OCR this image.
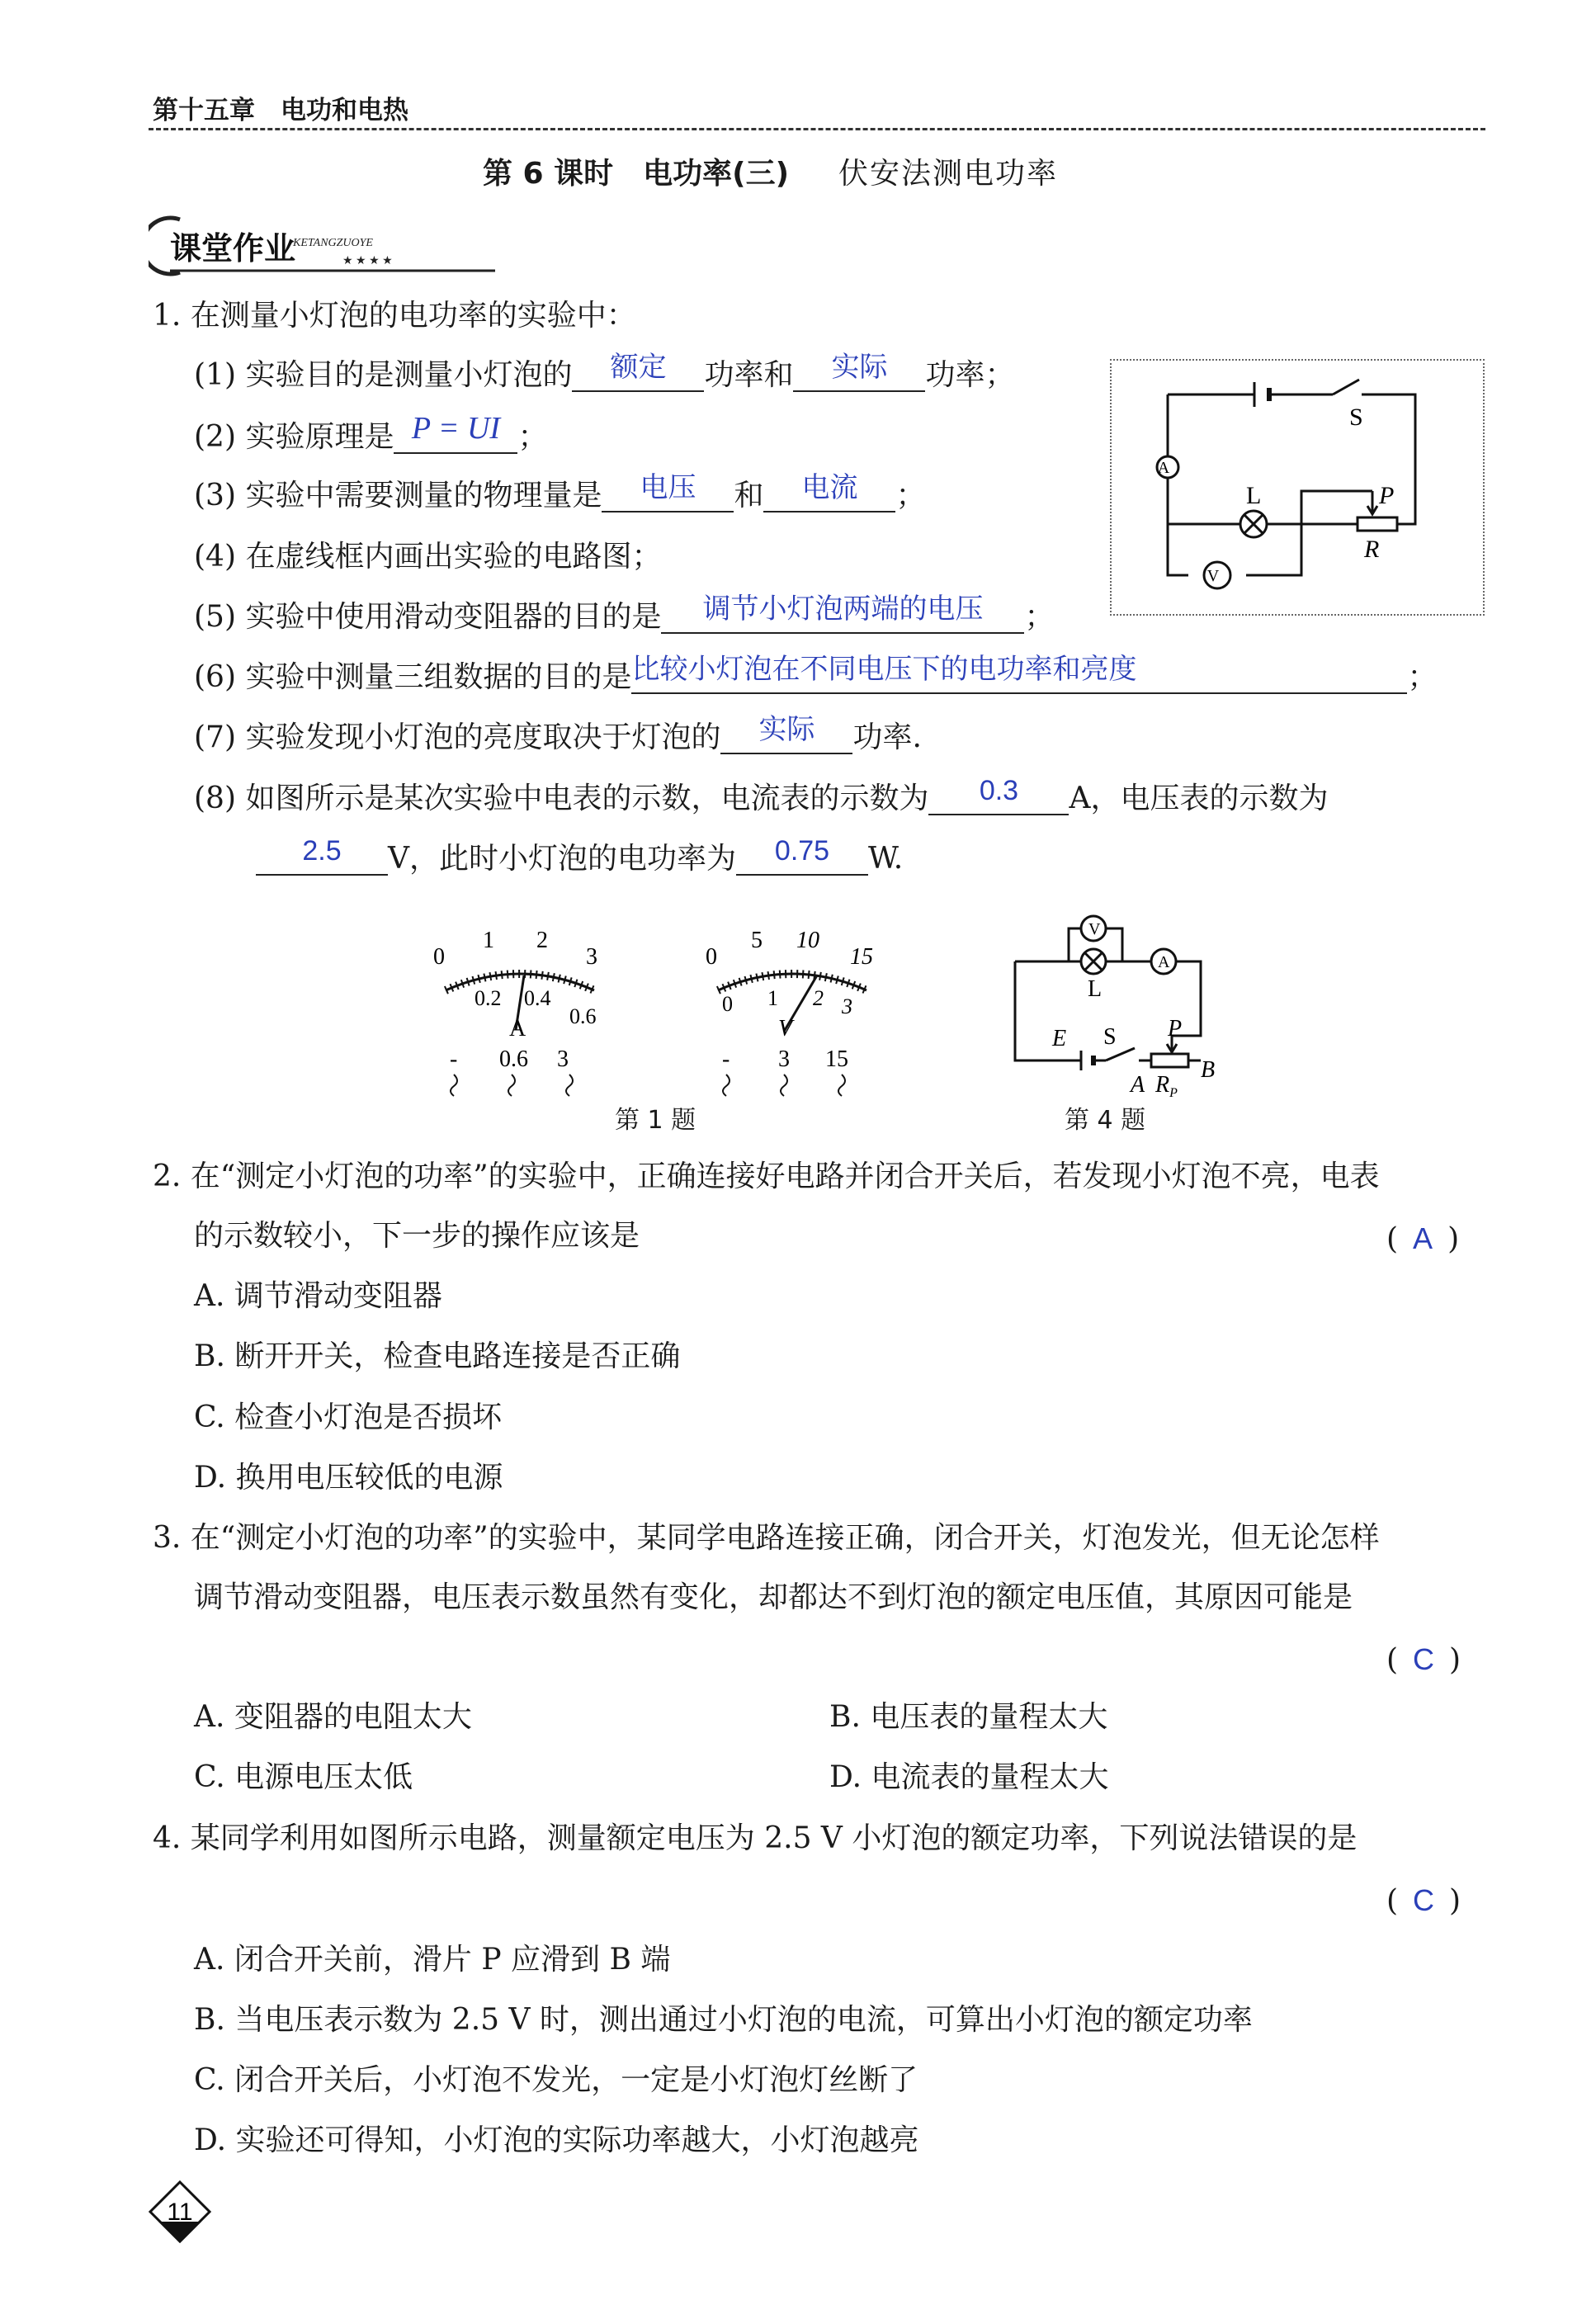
第十五章　电功和电热
第 6 课时　电功率(三) 伏安法测电功率
课堂作业
KETANGZUOYE
★ ★ ★ ★
1. 在测量小灯泡的电功率的实验中：
(1) 实验目的是测量小灯泡的 额定 功率和 实际 功率；
(2) 实验原理是 P = UI ；
(3) 实验中需要测量的物理量是 电压 和 电流 ；
(4) 在虚线框内画出实验的电路图；
(5) 实验中使用滑动变阻器的目的是 调节小灯泡两端的电压 ；
(6) 实验中测量三组数据的目的是比较小灯泡在不同电压下的电功率和亮度	；
(7) 实验发现小灯泡的亮度取决于灯泡的 实际 功率.
(8) 如图所示是某次实验中电表的示数，电流表的示数为 0.3 A，电压表的示数为
2.5 V，此时小灯泡的电功率为 0.75 W.
A
V
S
L	P
R
0
1 2
3
0.2 0.4
0.6
A
- 0.6 3
0
5 10
15
0 1 2 3
V
- 3 15
V
L
A
E S P
A $R_P$
B
第 1 题	第 4 题
2. 在“测定小灯泡的功率”的实验中，正确连接好电路并闭合开关后，若发现小灯泡不亮，电表
的示数较小，下一步的操作应该是	( A )
A. 调节滑动变阻器
B. 断开开关，检查电路连接是否正确
C. 检查小灯泡是否损坏
D. 换用电压较低的电源
3. 在“测定小灯泡的功率”的实验中，某同学电路连接正确，闭合开关，灯泡发光，但无论怎样
调节滑动变阻器，电压表示数虽然有变化，却都达不到灯泡的额定电压值，其原因可能是
( C )
A. 变阻器的电阻太大	B. 电压表的量程太大
C. 电源电压太低	D. 电流表的量程太大
4. 某同学利用如图所示电路，测量额定电压为 2.5 V 小灯泡的额定功率，下列说法错误的是
( C )
A. 闭合开关前，滑片 P 应滑到 B 端
B. 当电压表示数为 2.5 V 时，测出通过小灯泡的电流，可算出小灯泡的额定功率
C. 闭合开关后，小灯泡不发光，一定是小灯泡灯丝断了
D. 实验还可得知，小灯泡的实际功率越大，小灯泡越亮
11
